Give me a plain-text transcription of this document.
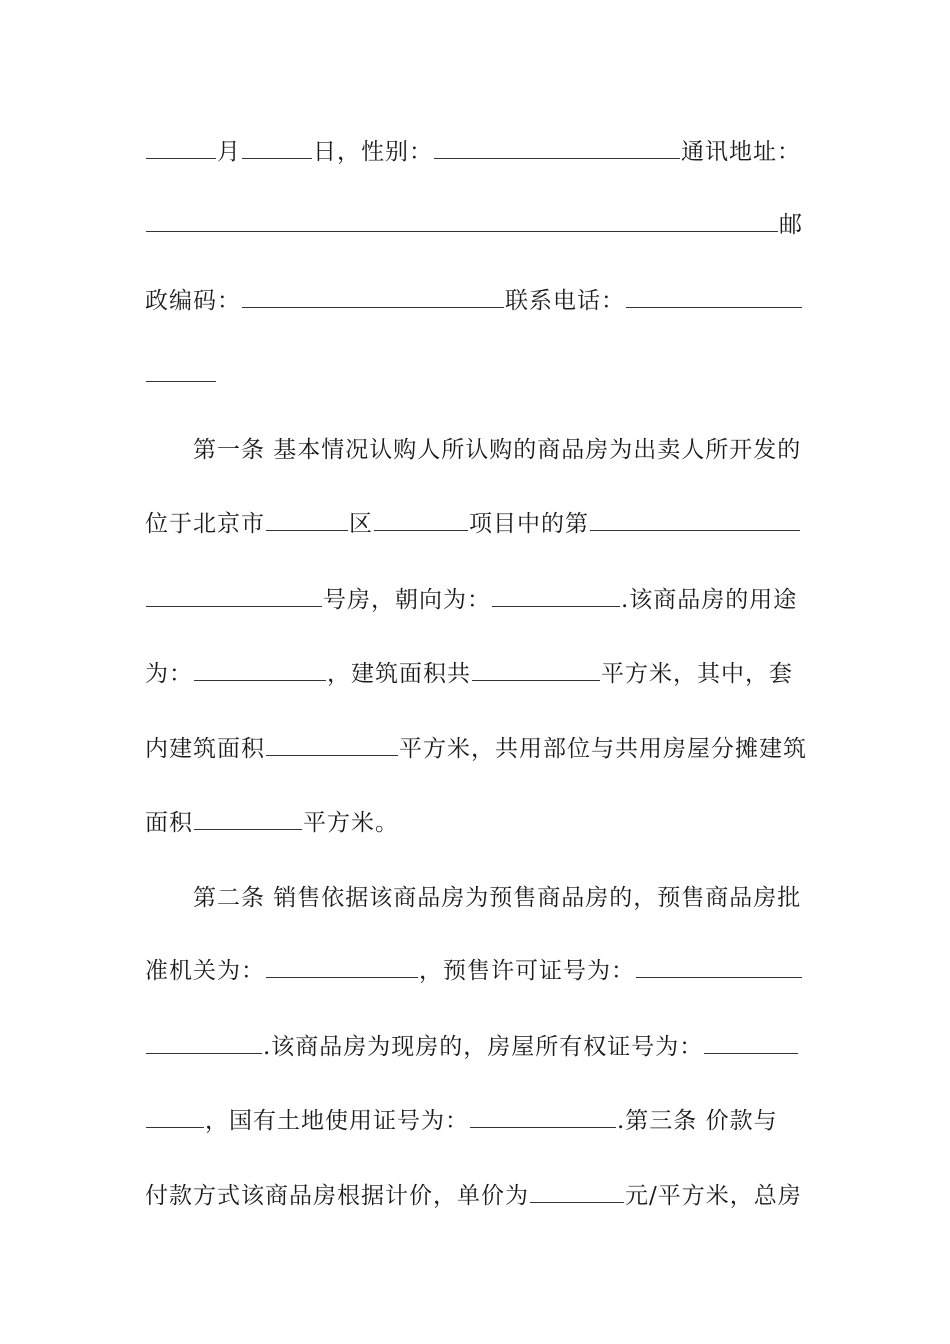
月	日，性别：	通讯地址：
邮
政编码：	联系电话：
　　第一条 基本情况认购人所认购的商品房为出卖人所开发的
位于北京市	区	项目中的第
号房，朝向为：	.该商品房的用途
为：	，建筑面积共	平方米，其中，套
内建筑面积	平方米，共用部位与共用房屋分摊建筑
面积	平方米。
　　第二条 销售依据该商品房为预售商品房的，预售商品房批
准机关为：	，预售许可证号为：
.该商品房为现房的，房屋所有权证号为：
，国有土地使用证号为：	.第三条 价款与
付款方式该商品房根据计价，单价为	元/平方米，总房
